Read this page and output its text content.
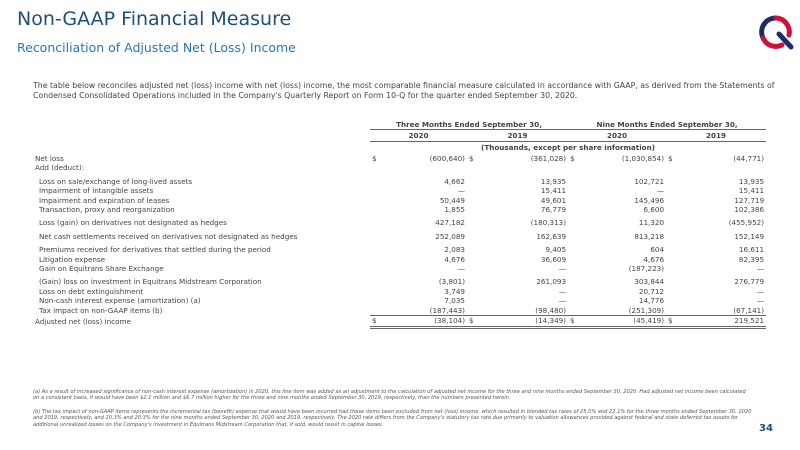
Non-GAAP Financial Measure
Reconciliation of Adjusted Net (Loss) Income
The table below reconciles adjusted net (loss) income with net (loss) income, the most comparable financial measure calculated in accordance with GAAP, as derived from the Statements of Condensed Consolidated Operations included in the Company's Quarterly Report on Form 10-Q for the quarter ended September 30, 2020.
	Three Months Ended September 30,				Nine Months Ended September 30,			
	2020		2019		2020		2019	
	(Thousands, except per share information)							
Net loss	$	(600,640)	$	(361,028)	$	(1,030,854)	$	(44,771)
Add (deduct):								

Loss on sale/exchange of long-lived assets		4,662		13,935		102,721		13,935
Impairment of intangible assets		—		15,411		—		15,411
Impairment and expiration of leases		50,449		49,601		145,496		127,719
Transaction, proxy and reorganization		1,855		76,779		6,600		102,386

Loss (gain) on derivatives not designated as hedges		427,182		(180,313)		11,320		(455,952)

Net cash settlements received on derivatives not designated as hedges		252,089		162,639		813,218		152,149

Premiums received for derivatives that settled during the period		2,083		9,405		604		16,611
Litigation expense		4,676		36,609		4,676		82,395
Gain on Equitrans Share Exchange		—		—		(187,223)		—

(Gain) loss on investment in Equitrans Midstream Corporation		(3,801)		261,093		303,844		276,779
Loss on debt extinguishment		3,749		—		20,712		—
Non-cash interest expense (amortization) (a)		7,035		—		14,776		—
Tax impact on non-GAAP items (b)		(187,443)		(98,480)		(251,309)		(67,141)
Adjusted net (loss) income	$	(38,104)	$	(14,349)	$	(45,419)	$	219,521
(a) As a result of increased significance of non-cash interest expense (amortization) in 2020, this line item was added as an adjustment to the calculation of adjusted net income for the three and nine months ended September 30, 2020. Had adjusted net income been calculated on a consistent basis, it would have been $2.1 million and $6.7 million higher for the three and nine months ended September 30, 2019, respectively, than the numbers presented herein.
(b) The tax impact of non-GAAP items represents the incremental tax (benefit) expense that would have been incurred had these items been excluded from net (loss) income, which resulted in blended tax rates of 25.0% and 22.1% for the three months ended September 30, 2020 and 2019, respectively, and 20.3% and 20.3% for the nine months ended September 30, 2020 and 2019, respectively. The 2020 rate differs from the Company's statutory tax rate due primarily to valuation allowances provided against federal and state deferred tax assets for additional unrealized losses on the Company's investment in Equitrans Midstream Corporation that, if sold, would result in capital losses.	34
